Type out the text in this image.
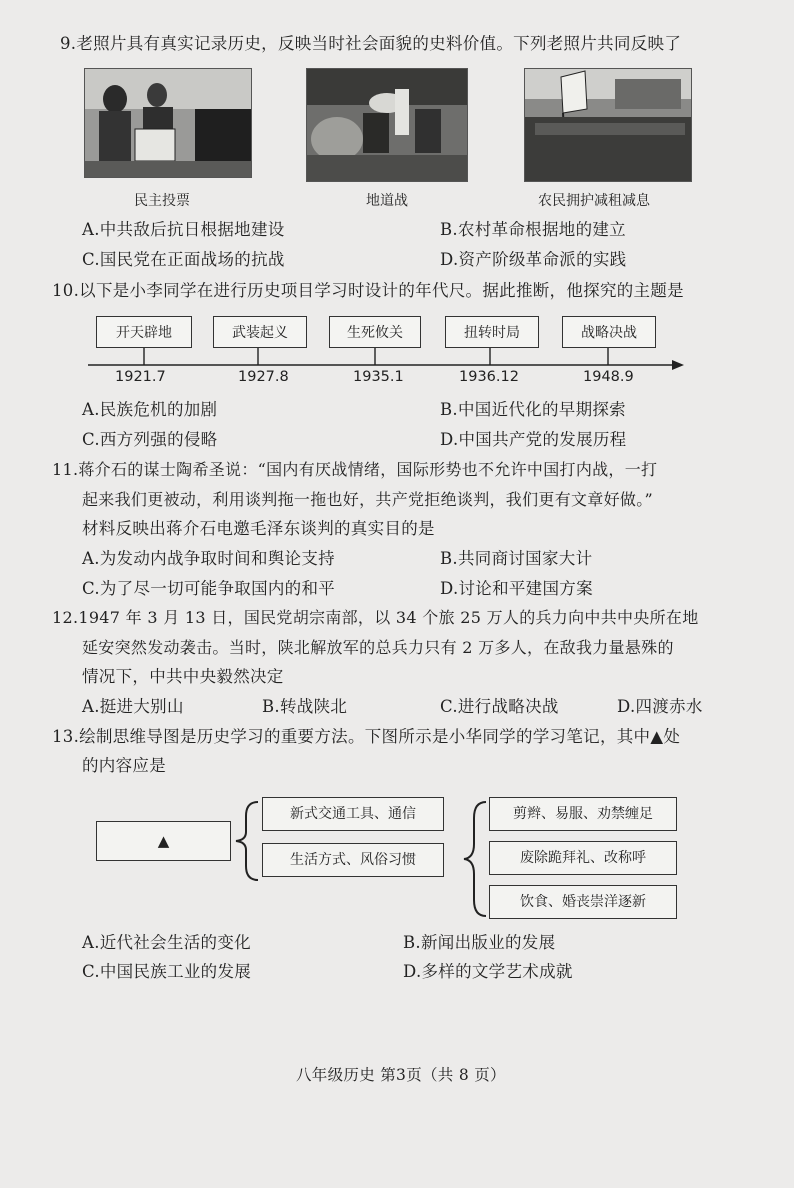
9.老照片具有真实记录历史，反映当时社会面貌的史料价值。下列老照片共同反映了
民主投票	地道战	农民拥护减租减息
A.中共敌后抗日根据地建设	B.农村革命根据地的建立
C.国民党在正面战场的抗战	D.资产阶级革命派的实践
10.以下是小李同学在进行历史项目学习时设计的年代尺。据此推断，他探究的主题是
开天辟地	武装起义	生死攸关	扭转时局	战略决战
1921.7	1927.8	1935.1	1936.12	1948.9
A.民族危机的加剧	B.中国近代化的早期探索
C.西方列强的侵略	D.中国共产党的发展历程
11.蒋介石的谋士陶希圣说：“国内有厌战情绪，国际形势也不允许中国打内战，一打
起来我们更被动，利用谈判拖一拖也好，共产党拒绝谈判，我们更有文章好做。”
材料反映出蒋介石电邀毛泽东谈判的真实目的是
A.为发动内战争取时间和舆论支持	B.共同商讨国家大计
C.为了尽一切可能争取国内的和平	D.讨论和平建国方案
12.1947 年 3 月 13 日，国民党胡宗南部，以 34 个旅 25 万人的兵力向中共中央所在地
延安突然发动袭击。当时，陕北解放军的总兵力只有 2 万多人，在敌我力量悬殊的
情况下，中共中央毅然决定
A.挺进大别山	B.转战陕北	C.进行战略决战	D.四渡赤水
13.绘制思维导图是历史学习的重要方法。下图所示是小华同学的学习笔记，其中▲处
的内容应是
▲
新式交通工具、通信
生活方式、风俗习惯
剪辫、易服、劝禁缠足
废除跪拜礼、改称呼
饮食、婚丧崇洋逐新
A.近代社会生活的变化	B.新闻出版业的发展
C.中国民族工业的发展	D.多样的文学艺术成就
八年级历史 第3页（共 8 页）
